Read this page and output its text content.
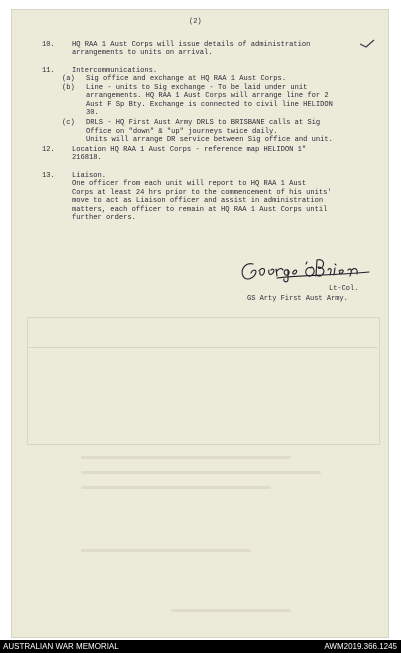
(2)
10.	HQ RAA 1 Aust Corps will issue details of administration
arrangements to units on arrival.
11.	Intercommunications.
(a)	Sig office and exchange at HQ RAA 1 Aust Corps.
(b)	Line - units to Sig exchange - To be laid under unit
arrangements. HQ RAA 1 Aust Corps will arrange line for 2
Aust F Sp Bty. Exchange is connected to civil line HELIDON
30.
(c)	DRLS - HQ First Aust Army DRLS to BRISBANE calls at Sig
Office on "down" & "up" journeys twice daily.
Units will arrange DR service between Sig office and unit.
12.	Location HQ RAA 1 Aust Corps - reference map HELIDON 1"
216818.
13.	Liaison.
One officer from each unit will report to HQ RAA 1 Aust
Corps at least 24 hrs prior to the commencement of his units'
move to act as Liaison officer and assist in administration
matters, each officer to remain at HQ RAA 1 Aust Corps until
further orders.
Lt-Col.
GS Arty First Aust Army.
AUSTRALIAN WAR MEMORIAL	AWM2019.366.1245
